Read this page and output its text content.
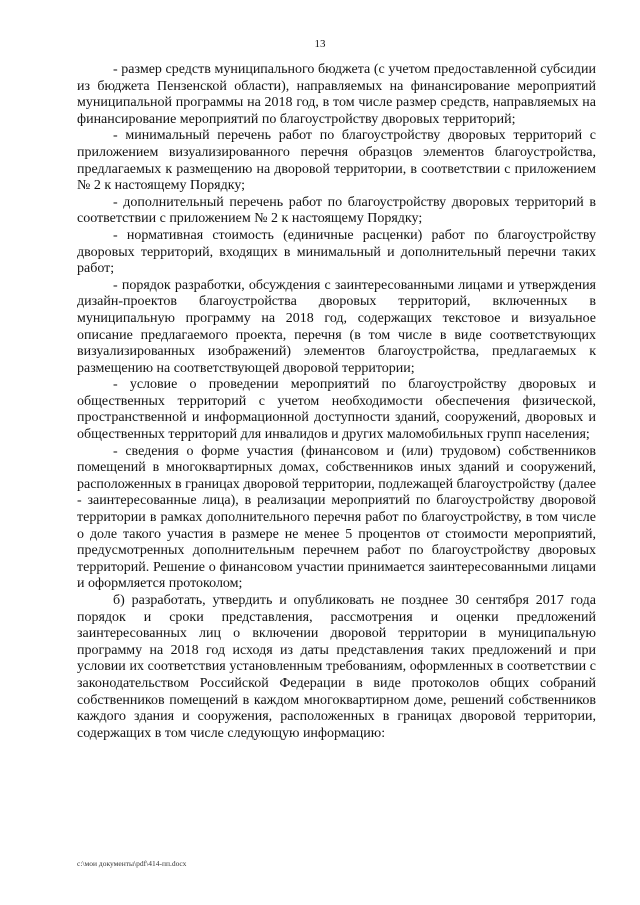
13

- размер средств муниципального бюджета (с учетом предоставленной субсидии из бюджета Пензенской области), направляемых на финансирование мероприятий муниципальной программы на 2018 год, в том числе размер средств, направляемых на финансирование мероприятий по благоустройству дворовых территорий;

- минимальный перечень работ по благоустройству дворовых территорий с приложением визуализированного перечня образцов элементов благоустройства, предлагаемых к размещению на дворовой территории, в соответствии с приложением № 2 к настоящему Порядку;

- дополнительный перечень работ по благоустройству дворовых территорий в соответствии с приложением № 2 к настоящему Порядку;

- нормативная стоимость (единичные расценки) работ по благоустройству дворовых территорий, входящих в минимальный и дополнительный перечни таких работ;

- порядок разработки, обсуждения с заинтересованными лицами и утверждения дизайн-проектов благоустройства дворовых территорий, включенных в муниципальную программу на 2018 год, содержащих текстовое и визуальное описание предлагаемого проекта, перечня (в том числе в виде соответствующих визуализированных изображений) элементов благоустройства, предлагаемых к размещению на соответствующей дворовой территории;

- условие о проведении мероприятий по благоустройству дворовых и общественных территорий с учетом необходимости обеспечения физической, пространственной и информационной доступности зданий, сооружений, дворовых и общественных территорий для инвалидов и других маломобильных групп населения;

- сведения о форме участия (финансовом и (или) трудовом) собственников помещений в многоквартирных домах, собственников иных зданий и сооружений, расположенных в границах дворовой территории, подлежащей благоустройству (далее - заинтересованные лица), в реализации мероприятий по благоустройству дворовой территории в рамках дополнительного перечня работ по благоустройству, в том числе о доле такого участия в размере не менее 5 процентов от стоимости мероприятий, предусмотренных дополнительным перечнем работ по благоустройству дворовых территорий. Решение о финансовом участии принимается заинтересованными лицами и оформляется протоколом;

б) разработать, утвердить и опубликовать не позднее 30 сентября 2017 года порядок и сроки представления, рассмотрения и оценки предложений заинтересованных лиц о включении дворовой территории в муниципальную программу на 2018 год исходя из даты представления таких предложений и при условии их соответствия установленным требованиям, оформленных в соответствии с законодательством Российской Федерации в виде протоколов общих собраний собственников помещений в каждом многоквартирном доме, решений собственников каждого здания и сооружения, расположенных в границах дворовой территории, содержащих в том числе следующую информацию:

c:\мои документы\pdf\414-пп.docx
